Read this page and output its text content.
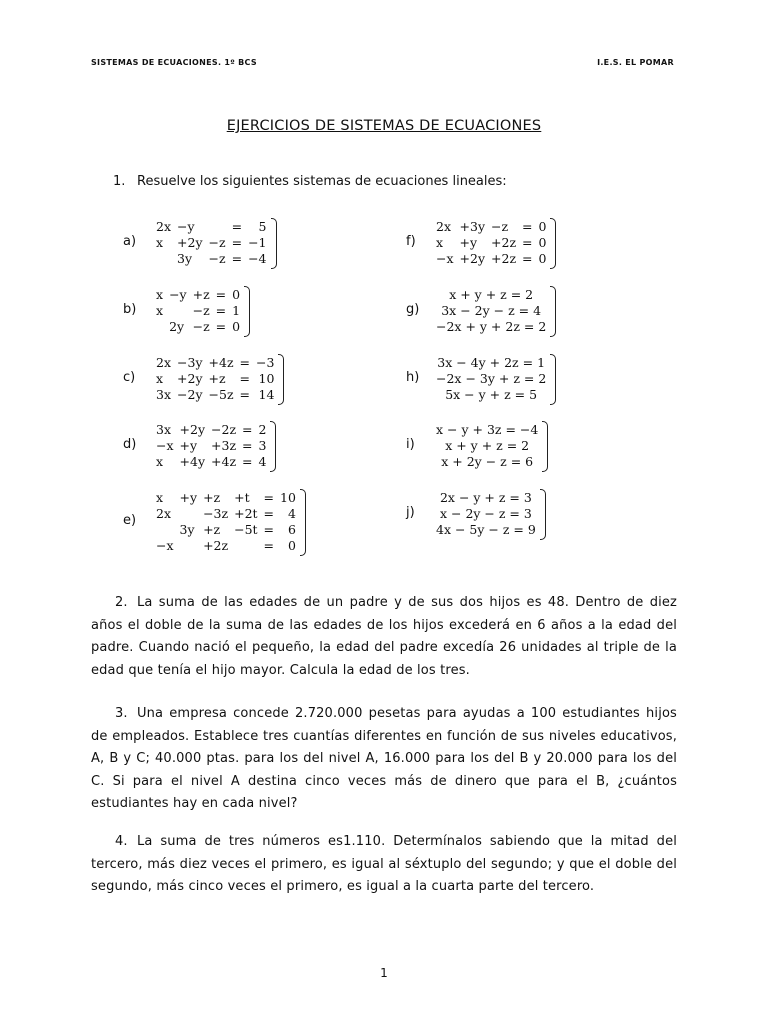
SISTEMAS DE ECUACIONES. 1º BCS	I.E.S. EL POMAR
EJERCICIOS DE SISTEMAS DE ECUACIONES
1. Resuelve los siguientes sistemas de ecuaciones lineales:
a)
2x	−y		=	5
x	+2y	−z	=	−1
	3y	−z	=	−4
b)
x	−y	+z	=	0
x		−z	=	1
	2y	−z	=	0
c)
2x	−3y	+4z	=	−3
x	+2y	+z	=	10
3x	−2y	−5z	=	14
d)
3x	+2y	−2z	=	2
−x	+y	+3z	=	3
x	+4y	+4z	=	4
e)
x	+y	+z	+t	=	10
2x		−3z	+2t	=	4
	3y	+z	−5t	=	6
−x		+2z		=	0
f)
2x	+3y	−z	=	0
x	+y	+2z	=	0
−x	+2y	+2z	=	0
g)
x + y + z = 2
3x − 2y − z = 4
−2x + y + 2z = 2
h)
3x − 4y + 2z = 1
−2x − 3y + z = 2
5x − y + z = 5
i)
x − y + 3z = −4
x + y + z = 2
x + 2y − z = 6
j)
2x − y + z = 3
x − 2y − z = 3
4x − 5y − z = 9
2. La suma de las edades de un padre y de sus dos hijos es 48. Dentro de diez años el doble de la suma de las edades de los hijos excederá en 6 años a la edad del padre. Cuando nació el pequeño, la edad del padre excedía 26 unidades al triple de la edad que tenía el hijo mayor. Calcula la edad de los tres.
3. Una empresa concede 2.720.000 pesetas para ayudas a 100 estudiantes hijos de empleados. Establece tres cuantías diferentes en función de sus niveles educativos, A, B y C; 40.000 ptas. para los del nivel A, 16.000 para los del B y 20.000 para los del C. Si para el nivel A destina cinco veces más de dinero que para el B, ¿cuántos estudiantes hay en cada nivel?
4. La suma de tres números es1.110. Determínalos sabiendo que la mitad del tercero, más diez veces el primero, es igual al séxtuplo del segundo; y que el doble del segundo, más cinco veces el primero, es igual a la cuarta parte del tercero.
1
